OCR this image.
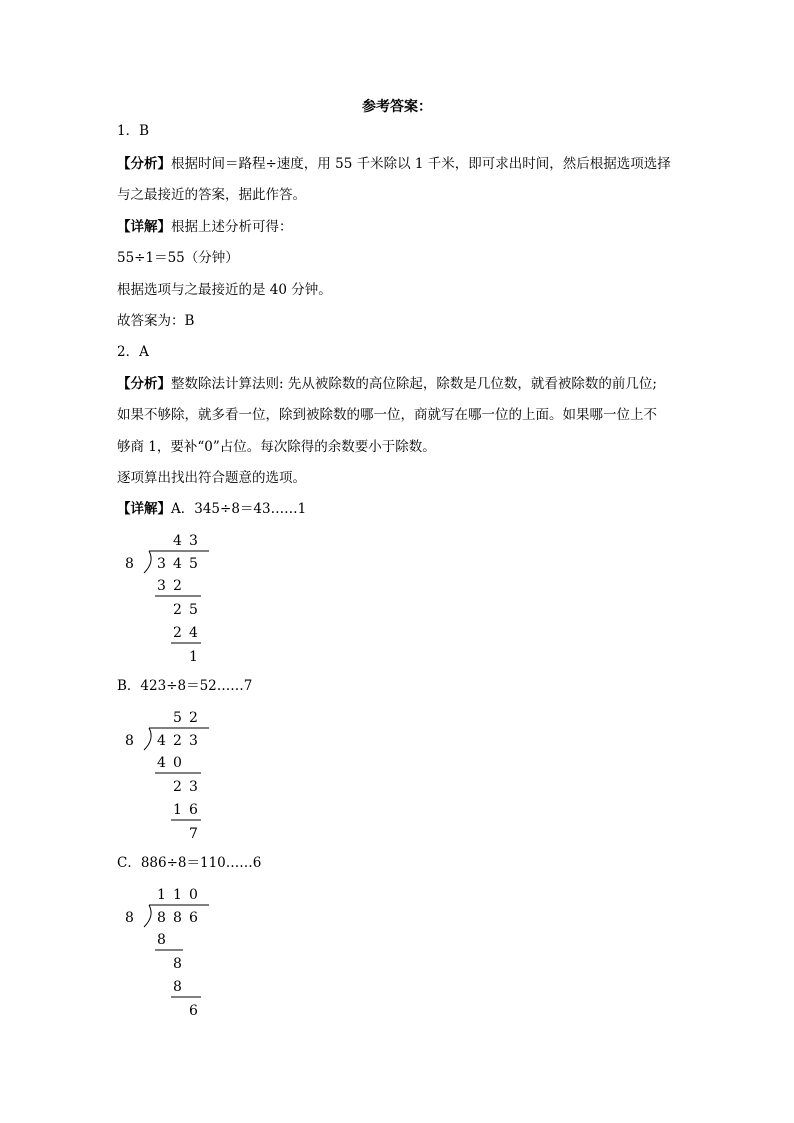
参考答案：
1．B
【分析】根据时间＝路程÷速度，用 55 千米除以 1 千米，即可求出时间，然后根据选项选择
与之最接近的答案，据此作答。
【详解】根据上述分析可得：
55÷1＝55（分钟）
根据选项与之最接近的是 40 分钟。
故答案为：B
2．A
【分析】整数除法计算法则: 先从被除数的高位除起，除数是几位数，就看被除数的前几位;
如果不够除，就多看一位，除到被除数的哪一位，商就写在哪一位的上面。如果哪一位上不
够商 1，要补“0”占位。每次除得的余数要小于除数。
逐项算出找出符合题意的选项。
【详解】A．345÷8＝43……1
8
4 3
3 4 5
3 2
2 5
2 4
1
B．423÷8＝52……7
8
5 2
4 2 3
4 0
2 3
1 6
7
C．886÷8＝110……6
8
1 1 0
8 8 6
8
8
8
6
